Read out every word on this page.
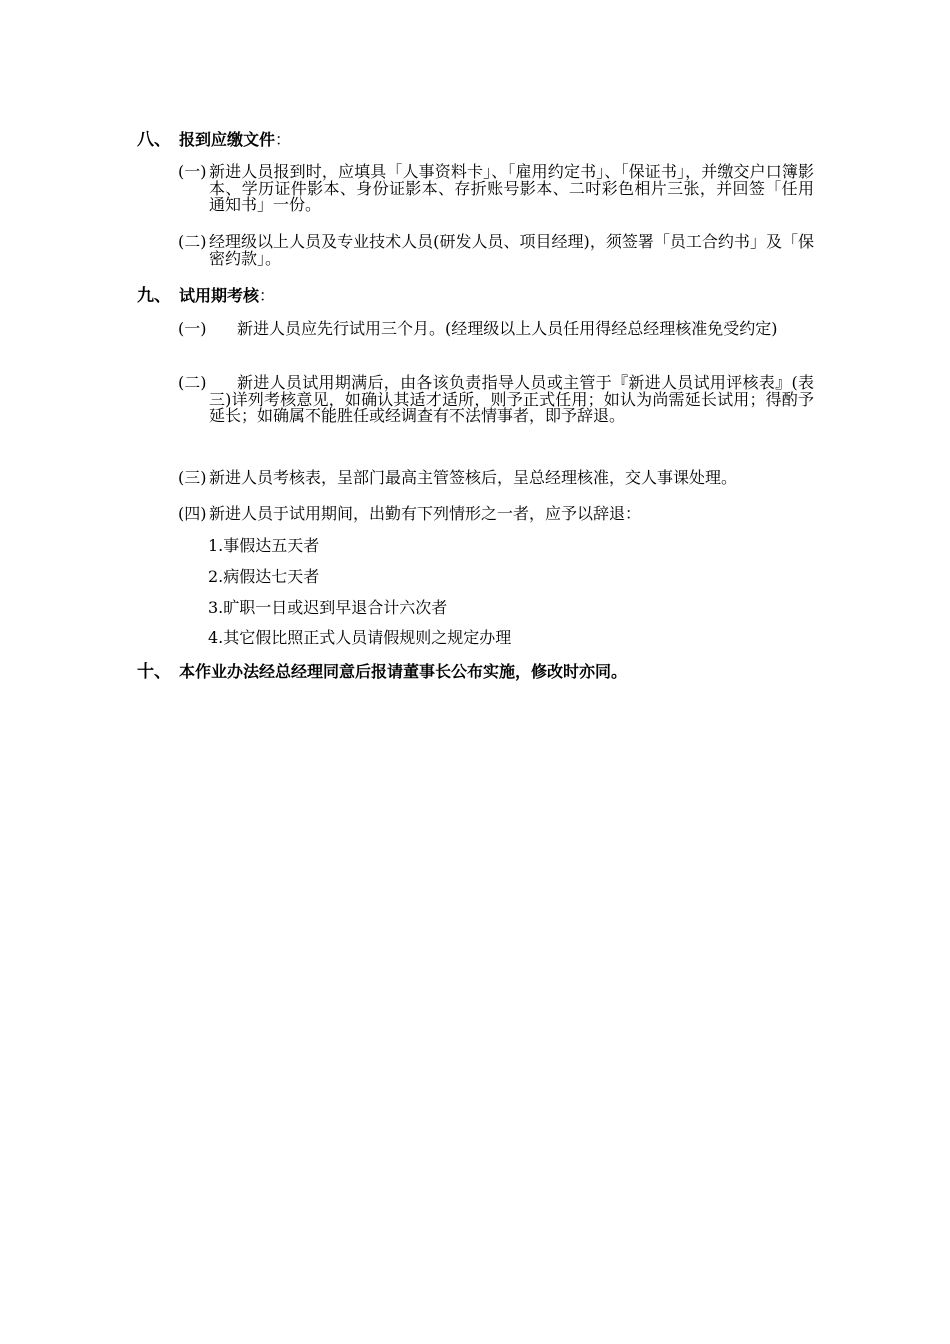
八、 报到应缴文件：
(一) 新进人员报到时，应填具「人事资料卡」、「雇用约定书」、「保证书」，并缴交户口簿影本、学历证件影本、身份证影本、存折账号影本、二吋彩色相片三张，并回签「任用通知书」一份。
(二) 经理级以上人员及专业技术人员(研发人员、项目经理)，须签署「员工合约书」及「保密约款」。
九、 试用期考核：
(一)	新进人员应先行试用三个月。(经理级以上人员任用得经总经理核准免受约定)
(二)	新进人员试用期满后，由各该负责指导人员或主管于『新进人员试用评核表』(表三)详列考核意见，如确认其适才适所，则予正式任用；如认为尚需延长试用；得酌予延长；如确属不能胜任或经调查有不法情事者，即予辞退。
(三) 新进人员考核表，呈部门最高主管签核后，呈总经理核准，交人事课处理。
(四) 新进人员于试用期间，出勤有下列情形之一者，应予以辞退：
1.事假达五天者
2.病假达七天者
3.旷职一日或迟到早退合计六次者
4.其它假比照正式人员请假规则之规定办理
十、 本作业办法经总经理同意后报请董事长公布实施，修改时亦同。
